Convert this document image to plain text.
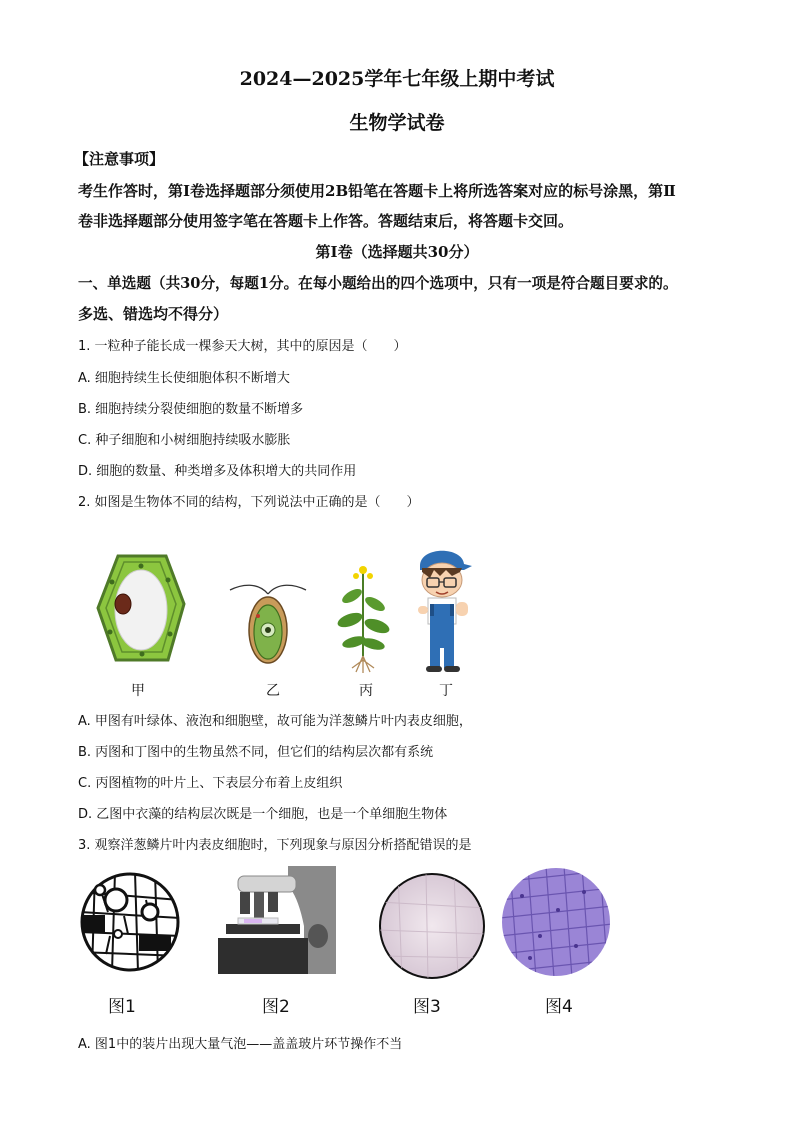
2024—2025学年七年级上期中考试
生物学试卷
【注意事项】
考生作答时，第Ⅰ卷选择题部分须使用2B铅笔在答题卡上将所选答案对应的标号涂黑，第Ⅱ
卷非选择题部分使用签字笔在答题卡上作答。答题结束后，将答题卡交回。
第Ⅰ卷（选择题共30分）
一、单选题（共30分，每题1分。在每小题给出的四个选项中，只有一项是符合题目要求的。
多选、错选均不得分）
1. 一粒种子能长成一棵参天大树，其中的原因是（　　）
A. 细胞持续生长使细胞体积不断增大
B. 细胞持续分裂使细胞的数量不断增多
C. 种子细胞和小树细胞持续吸水膨胀
D. 细胞的数量、种类增多及体积增大的共同作用
2. 如图是生物体不同的结构，下列说法中正确的是（　　）
甲	乙	丙	丁
A. 甲图有叶绿体、液泡和细胞壁，故可能为洋葱鳞片叶内表皮细胞，
B. 丙图和丁图中的生物虽然不同，但它们的结构层次都有系统
C. 丙图植物的叶片上、下表层分布着上皮组织
D. 乙图中衣藻的结构层次既是一个细胞，也是一个单细胞生物体
3. 观察洋葱鳞片叶内表皮细胞时，下列现象与原因分析搭配错误的是
图1	图2	图3	图4
A. 图1中的装片出现大量气泡——盖盖玻片环节操作不当
